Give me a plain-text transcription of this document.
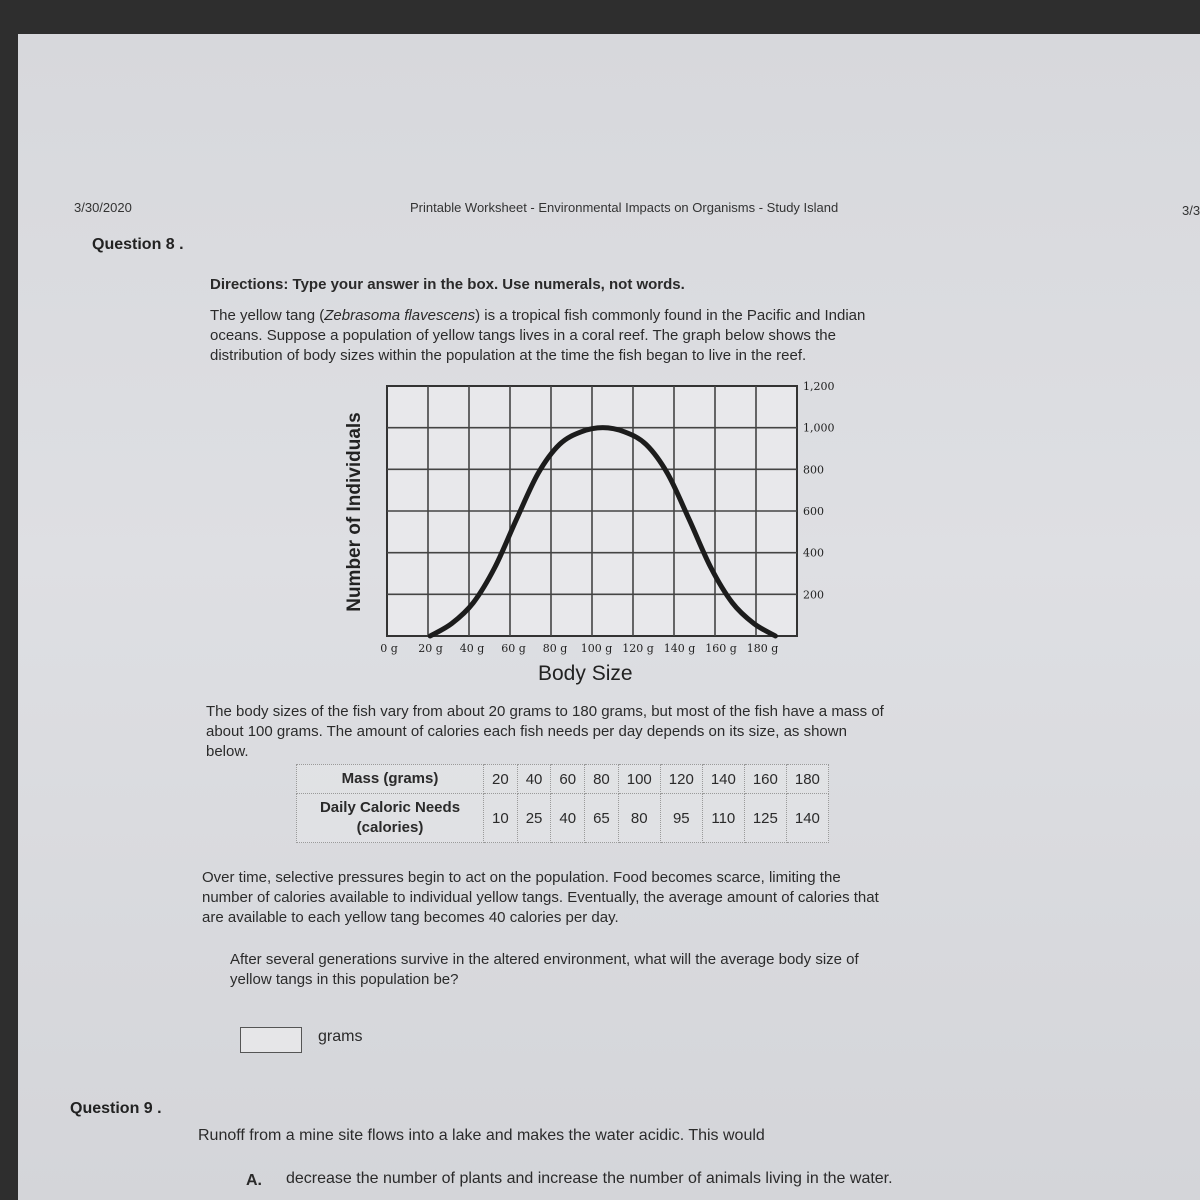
3/30/2020	Printable Worksheet - Environmental Impacts on Organisms - Study Island	3/3
Question 8 .
Directions: Type your answer in the box. Use numerals, not words.
The yellow tang (Zebrasoma flavescens) is a tropical fish commonly found in the Pacific and Indian
oceans. Suppose a population of yellow tangs lives in a coral reef. The graph below shows the
distribution of body sizes within the population at the time the fish began to live in the reef.
200
400
600
800
1,000
1,200
0 g 20 g 40 g 60 g 80 g 100 g 120 g 140 g 160 g 180 g
Number of Individuals
Body Size
The body sizes of the fish vary from about 20 grams to 180 grams, but most of the fish have a mass of
about 100 grams. The amount of calories each fish needs per day depends on its size, as shown
below.
Mass (grams)	20	40	60	80	100	120	140	160	180

Daily Caloric Needs
(calories)	10	25	40	65	80	95	110	125	140
Over time, selective pressures begin to act on the population. Food becomes scarce, limiting the
number of calories available to individual yellow tangs. Eventually, the average amount of calories that
are available to each yellow tang becomes 40 calories per day.
After several generations survive in the altered environment, what will the average body size of
yellow tangs in this population be?
grams
Question 9 .
Runoff from a mine site flows into a lake and makes the water acidic. This would
A. decrease the number of plants and increase the number of animals living in the water.
